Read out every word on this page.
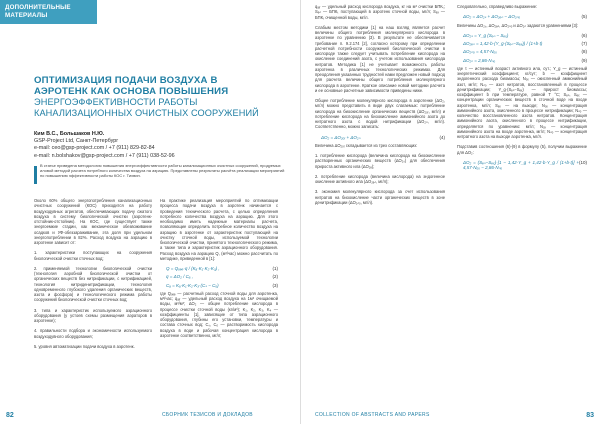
ДОПОЛНИТЕЛЬНЫЕ МАТЕРИАЛЫ
ОПТИМИЗАЦИЯ ПОДАЧИ ВОЗДУХА В АЭРОТЕНК КАК ОСНОВА ПОВЫШЕНИЯ
ЭНЕРГОЭФФЕКТИВНОСТИ РАБОТЫ КАНАЛИЗАЦИОННЫХ ОЧИСТНЫХ СООРУЖЕНИЙ
Ким В.С., Большаков Н.Ю.
GSP-Project Ltd, Санкт-Петербург
e-mail: ceo@gsp-project.com / +7 (911) 829-82-84
e-mail: n.bolshakov@gsp-project.com / +7 (911) 038-52-96
В статье приведена методология повышения энергоэффективности работы канализационных очистных сооружений, продуемых иловой методой расчета потребного количества воздуха на аэрацию. Представлены результаты расчёта реализации мероприятий по повышению эффективности работы КОС г. Тихвин.

Около 60% общего энергопотребления канализационных очистных сооружений (КОС) приходится на работу воздуходувных агрегатов, обеспечивающих подачу сжатого воздуха в систему биологической очистки (аэротенк-отстойник-отстойник). На КОС, где существует также энергоемкие стадии, как механическое обезвоживание осадков и УФ-обеззараживание, эта доля при удельном энергопотреблении в 82%. Расход воздуха на аэрацию в аэротенке зависит от:

1. характеристики поступающих на сооружения биологической очистки сточных вод;

2. применяемой технологии биологической очистки (технология аэробной биологической очистки от органических веществ без нитрификации, с нитрификацией, технология нитриденитрификации, технология одновременного глубокого удаления органических веществ, азота и фосфора) и технологического режима работы сооружений биологической очистки сточных вод;

3. типа и характеристик используемого аэрационного оборудования (у устоев схемы размещения аэраторов в аэротенке);

4. правильности подбора и экономичности используемого воздуходувного оборудования;

5. уровня автоматизации подачи воздуха в аэротенк.

На практике реализация мероприятий по оптимизации процесса подачи воздуха в аэротенк начинается с проведения технического расчета, с целью определения потребного количества воздуха на аэрацию. Для этого необходимо иметь надежные материалы расчета, позволяющие определить потребное количество воздуха на аэрацию в аэротенке от характеристик поступающей на очистку сточной воды, используемой технологии биологической очистки, принятого технологического режима, а также типа и характеристик аэрационного оборудования. Расход воздуха на аэрацию Q, (м³/час) можно рассчитать по методике, приведенной в [1]:

Q = Qₒₑₑ·q / (Kₐ·K₁·K₂·K₃) ,	(1)
q = ΔO₂ / Cₐ ,	(2)
Cₐ = Kₐ·K₁·K₂·K₃·(Cₛ − Cₒ)	(3)

где Qₒₑₑ — расчетный расход сточной воды для аэротенка, м³/час; qₐᵢᵣ — удельный расход воздуха на 1м³ очищаемой воды, м³/м³; ΔO₂ — общее потребление кислорода в процессе очистки сточной воды (кг/м³); K₁, K₂, K₃, K₄ — коэффициенты [1], зависящие от типа аэрационного оборудования, глубины его установки, температуры и состава сточных вод; Cₛ, Cₒ — растворимость кислорода воздуха в воде и рабочая концентрация кислорода в аэротенке соответственно, мг/л;

82	СБОРНИК ТЕЗИСОВ И ДОКЛАДОВ

qₐᵢᵣ — удельный расход кислорода воздуха, кг на м³ очистки БПКₜ; Sₑₙ — БПКₜ поступающей в аэротенк сточной воды, мг/л; Sₑₓ — БПКₜ очищенной воды, мг/л.

Слабым местом методики [1] на наш взгляд является расчет величины общего потребления молекулярного кислорода в аэротенке по уравнению (3). В результате не обеспечивается требование п. 9.2.174 [2], согласно которому при определении расчетной потребности сооружений биологической очистки в кислороде также следует учитывать потребление кислорода на окисление соединений азота, с учетом использования кислорода нитратов. Методика [1] не учитывает возможность работы аэротенка в различных технологических режимах. Для преодоления указанных трудностей нами предложен новый подход для расчета величины общего потребления молекулярного кислорода в аэротенке. Краткое описание новой методики расчета и ее основные расчетные зависимости приведены ниже.

Общее потребление молекулярного кислорода в аэротенке (ΔO₂, мг/л) можно представить в виде двух слагаемых: потребление кислорода на биоокисление органических веществ (ΔO₂ₒᵣ, мг/л) и потребление кислорода на биоокисление аммонийного азота до нитратного азота с водой нитрификации (ΔO₂ₙ, мг/л). Соответственно, можно записать:

ΔO₂ = ΔO₂ₒᵣ + ΔO₂ₙ	(4)

Величина ΔO₂ₒᵣ складывается из трех составляющих:

1. потребление кислорода (величина кислорода на биоокисление растворенных органических веществ (ΔO₂ₛ) для обеспечения прироста активного ила (ΔO₂ₑ);

2. потребление кислорода (величина кислорода) на эндогенное окисление активного ила (ΔO₂ₑₙ, мг/л);

3. экономия молекулярного кислорода за счет использования нитратов на биоокисление части органических веществ в зоне денитрификации (ΔO₂ₙₒ, мг/л).

Следовательно, справедливо выражение:

ΔO₂ = ΔO₂ₛ + ΔO₂ₑₙ − ΔO₂ₙₒ	(5)

Величины ΔO₂ₛ, ΔO₂ₑₙ, ΔO₂ₙₒ и ΔO₂ₙ задаются уравнениями [3]:

ΔO₂ₛ = Y_g (Sₑₙ − Sₑₓ)	(6)
ΔO₂ₑₙ = 1,42·b·(Y_g·(Sₑₙ−Sₑₓ)) / (1+b·t)	(7)
ΔO₂ₙₒ = 4,57·Nₒₓ	(8)
ΔO₂ₙ = 2,86·Nₙₒ	(9)

где τ — истинный возраст активного ила, сут.; Y_g — истинный энергетический коэффициент, кг/сут; b — коэффициент эндогенного расхода биомассы; Nₒₓ — окисленный аммонийный азот, мг/л; Nₙₒ — азот нитратов, восстановленный в процессе денитрификации; Y_g·(Sₑₙ−Sₑₓ) — прирост биомассы; коэффициент b при температуре, равной Т °C; Sₑₙ, Sₑₓ — концентрации органических веществ в сточной воде на входе аэротенка, мг/л; Sₑₓ — на выходе; Nₒₓ — концентрация аммонийного азота, окисленного в процессе нитрификации; Nₙₒ — количество восстановленного азота нитратов. Концентрация аммонийного азота, окисленного в процессе нитрификации, определяется по уравнению: мг/л; Nₒₓ — концентрация аммонийного азота на входе аэротенка, мг/л; Nₙₒ — концентрация нитратного азота на выходе аэротенка, мг/л.

Подставив соотношения (6)-(9) в формулу (5), получим выражение для ΔO₂:

ΔO₂ = (Sₑₙ−Sₑₓ)·[1 − 1,42·Y_g + 1,42·b·Y_g / (1+b·t)] + 4,57·Nₒₓ − 2,86·Nₙₒ
(10)
COLLECTION OF ABSTRACTS AND PAPERS	83
